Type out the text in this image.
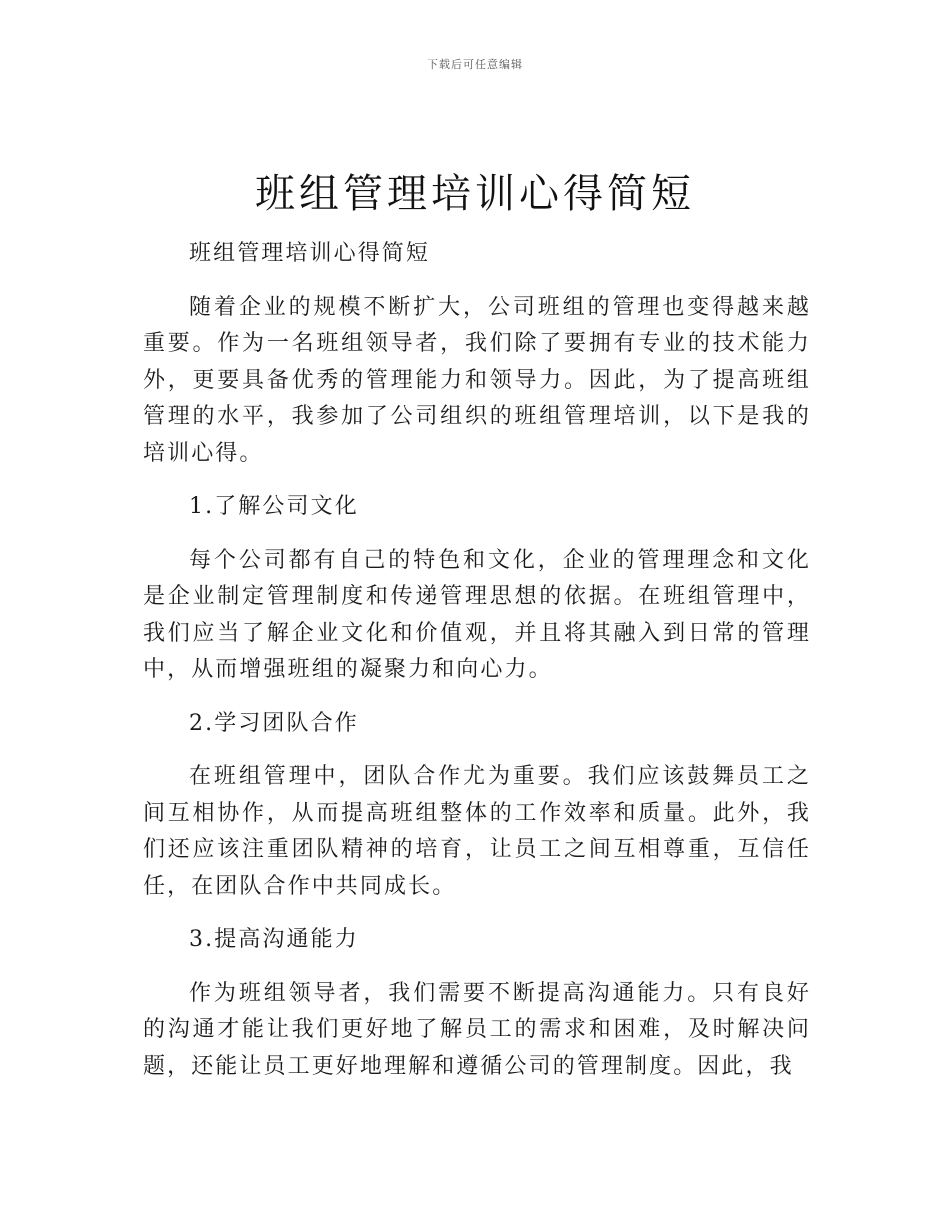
下载后可任意编辑
班组管理培训心得简短

班组管理培训心得简短

随着企业的规模不断扩大，公司班组的管理也变得越来越重要。作为一名班组领导者，我们除了要拥有专业的技术能力外，更要具备优秀的管理能力和领导力。因此，为了提高班组管理的水平，我参加了公司组织的班组管理培训，以下是我的培训心得。

1.了解公司文化

每个公司都有自己的特色和文化，企业的管理理念和文化是企业制定管理制度和传递管理思想的依据。在班组管理中，我们应当了解企业文化和价值观，并且将其融入到日常的管理中，从而增强班组的凝聚力和向心力。

2.学习团队合作

在班组管理中，团队合作尤为重要。我们应该鼓舞员工之间互相协作，从而提高班组整体的工作效率和质量。此外，我们还应该注重团队精神的培育，让员工之间互相尊重，互信任任，在团队合作中共同成长。

3.提高沟通能力

作为班组领导者，我们需要不断提高沟通能力。只有良好的沟通才能让我们更好地了解员工的需求和困难，及时解决问题，还能让员工更好地理解和遵循公司的管理制度。因此，我
